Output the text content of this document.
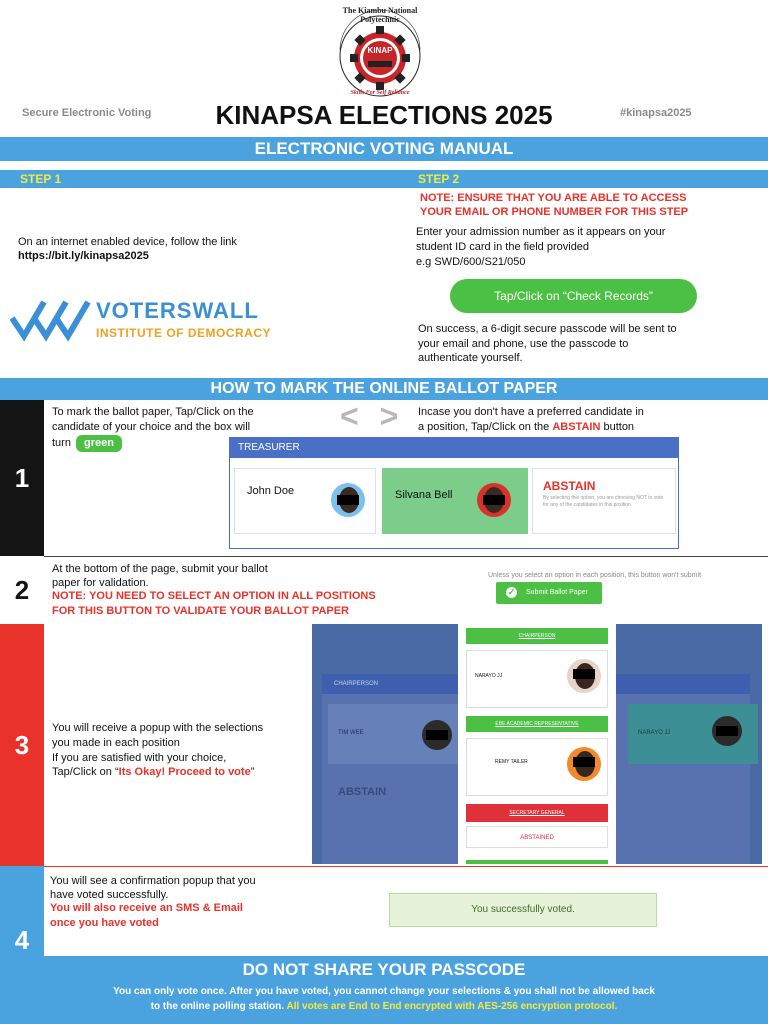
The Kiambu National Polytechnic
KINAP
Skills For Self Reliance
Secure Electronic Voting	KINAPSA ELECTIONS 2025	#kinapsa2025
ELECTRONIC VOTING MANUAL
STEP 1	STEP 2
On an internet enabled device, follow the link
https://bit.ly/kinapsa2025
VOTERSWALL
INSTITUTE OF DEMOCRACY
NOTE: ENSURE THAT YOU ARE ABLE TO ACCESS
YOUR EMAIL OR PHONE NUMBER FOR THIS STEP
Enter your admission number as it appears on your
student ID card in the field provided
e.g SWD/600/S21/050
Tap/Click on “Check Records”
On success, a 6-digit secure passcode will be sent to
your email and phone, use the passcode to
authenticate yourself.
HOW TO MARK THE ONLINE BALLOT PAPER
1
To mark the ballot paper, Tap/Click on the
candidate of your choice and the box will
turn green
< > Incase you don't have a preferred candidate in
a position, Tap/Click on the ABSTAIN button
TREASURER
John Doe	Silvana Bell
ABSTAIN
By selecting this option, you are choosing NOT to vote for any of the candidates in this position
2
At the bottom of the page, submit your ballot
paper for validation.
NOTE: YOU NEED TO SELECT AN OPTION IN ALL POSITIONS
FOR THIS BUTTON TO VALIDATE YOUR BALLOT PAPER
Unless you select an option in each position, this button won't submit
✓ Submit Ballot Paper
3
You will receive a popup with the selections
you made in each position
If you are satisfied with your choice,
Tap/Click on “Its Okay! Proceed to vote”
CHAIRPERSON
TIM WEE	NARAYO JJ
ABSTAIN
CHAIRPERSON
NARAYO JJ
EBE ACADEMIC REPRESENTATIVE
REMY TAILER
SECRETARY GENERAL
ABSTAINED
4
You will see a confirmation popup that you
have voted successfully.
You will also receive an SMS & Email
once you have voted
You successfully voted.
DO NOT SHARE YOUR PASSCODE
You can only vote once. After you have voted, you cannot change your selections & you shall not be allowed back
to the online polling station. All votes are End to End encrypted with AES-256 encryption protocol.
